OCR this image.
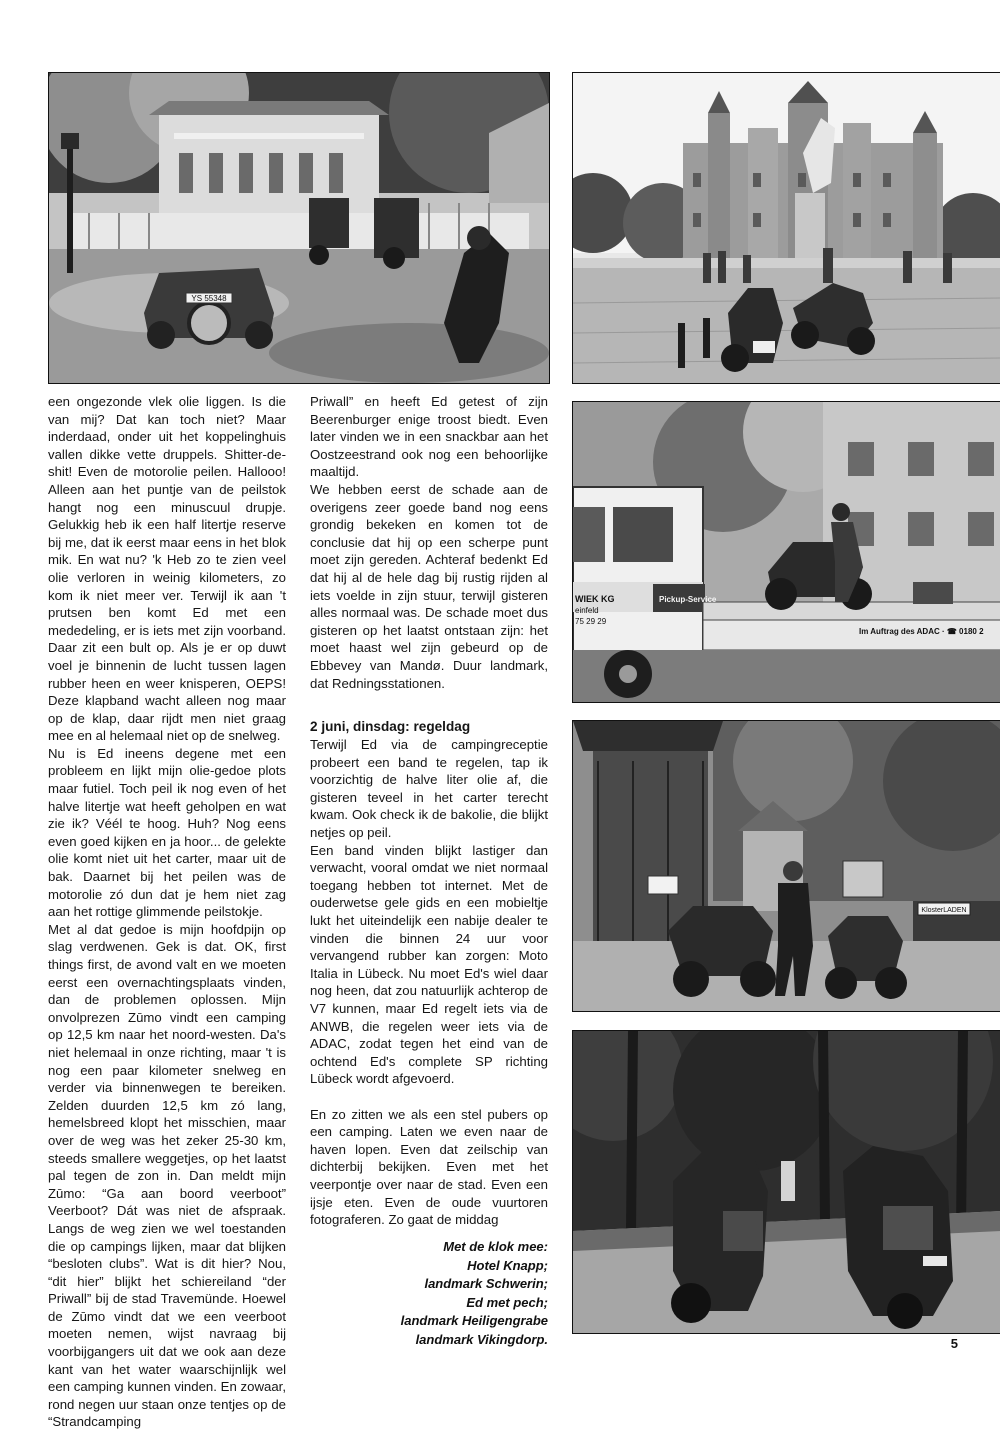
YS 55348
WIEK KG
einfeld
75 29 29
Pickup-Service
Im Auftrag des ADAC · ☎ 0180 2
KlosterLADEN

een ongezonde vlek olie liggen. Is die van mij? Dat kan toch niet? Maar inderdaad, onder uit het koppelinghuis vallen dikke vette druppels. Shitter-de-shit! Even de motorolie peilen. Hallooo! Alleen aan het puntje van de peilstok hangt nog een minuscuul drupje. Gelukkig heb ik een half litertje reserve bij me, dat ik eerst maar eens in het blok mik. En wat nu? 'k Heb zo te zien veel olie verloren in weinig kilometers, zo kom ik niet meer ver. Terwijl ik aan 't prutsen ben komt Ed met een mededeling, er is iets met zijn voorband. Daar zit een bult op. Als je er op duwt voel je binnenin de lucht tussen lagen rubber heen en weer knisperen, OEPS! Deze klapband wacht alleen nog maar op de klap, daar rijdt men niet graag mee en al helemaal niet op de snelweg.

Nu is Ed ineens degene met een probleem en lijkt mijn olie-gedoe plots maar futiel. Toch peil ik nog even of het halve litertje wat heeft geholpen en wat zie ik? Véél te hoog. Huh? Nog eens even goed kijken en ja hoor... de gelekte olie komt niet uit het carter, maar uit de bak. Daarnet bij het peilen was de motorolie zó dun dat je hem niet zag aan het rottige glimmende peilstokje.

Met al dat gedoe is mijn hoofdpijn op slag verdwenen. Gek is dat. OK, first things first, de avond valt en we moeten eerst een overnachtingsplaats vinden, dan de problemen oplossen. Mijn onvolprezen Zūmo vindt een camping op 12,5 km naar het noord-westen. Da's niet helemaal in onze richting, maar 't is nog een paar kilometer snelweg en verder via binnenwegen te bereiken. Zelden duurden 12,5 km zó lang, hemelsbreed klopt het misschien, maar over de weg was het zeker 25-30 km, steeds smallere weggetjes, op het laatst pal tegen de zon in. Dan meldt mijn Zūmo: “Ga aan boord veerboot” Veerboot? Dát was niet de afspraak. Langs de weg zien we wel toestanden die op campings lijken, maar dat blijken “besloten clubs”. Wat is dit hier? Nou, “dit hier” blijkt het schiereiland “der Priwall” bij de stad Travemünde. Hoewel de Zūmo vindt dat we een veerboot moeten nemen, wijst navraag bij voorbijgangers uit dat we ook aan deze kant van het water waarschijnlijk wel een camping kunnen vinden. En zowaar, rond negen uur staan onze tentjes op de “Strandcamping

Priwall” en heeft Ed getest of zijn Beerenburger enige troost biedt. Even later vinden we in een snackbar aan het Oostzeestrand ook nog een behoorlijke maaltijd.

We hebben eerst de schade aan de overigens zeer goede band nog eens grondig bekeken en komen tot de conclusie dat hij op een scherpe punt moet zijn gereden. Achteraf bedenkt Ed dat hij al de hele dag bij rustig rijden al iets voelde in zijn stuur, terwijl gisteren alles normaal was. De schade moet dus gisteren op het laatst ontstaan zijn: het moet haast wel zijn gebeurd op de Ebbevey van Mandø. Duur landmark, dat Redningsstationen.

2 juni, dinsdag: regeldag

Terwijl Ed via de campingreceptie probeert een band te regelen, tap ik voorzichtig de halve liter olie af, die gisteren teveel in het carter terecht kwam. Ook check ik de bakolie, die blijkt netjes op peil.

Een band vinden blijkt lastiger dan verwacht, vooral omdat we niet normaal toegang hebben tot internet. Met de ouderwetse gele gids en een mobieltje lukt het uiteindelijk een nabije dealer te vinden die binnen 24 uur voor vervangend rubber kan zorgen: Moto Italia in Lübeck. Nu moet Ed's wiel daar nog heen, dat zou natuurlijk achterop de V7 kunnen, maar Ed regelt iets via de ANWB, die regelen weer iets via de ADAC, zodat tegen het eind van de ochtend Ed's complete SP richting Lübeck wordt afgevoerd.

En zo zitten we als een stel pubers op een camping. Laten we even naar de haven lopen. Even dat zeilschip van dichterbij bekijken. Even met het veerpontje over naar de stad. Even een ijsje eten. Even de oude vuurtoren fotograferen. Zo gaat de middag

Met de klok mee:
Hotel Knapp;
landmark Schwerin;
Ed met pech;
landmark Heiligengrabe
landmark Vikingdorp.	5
